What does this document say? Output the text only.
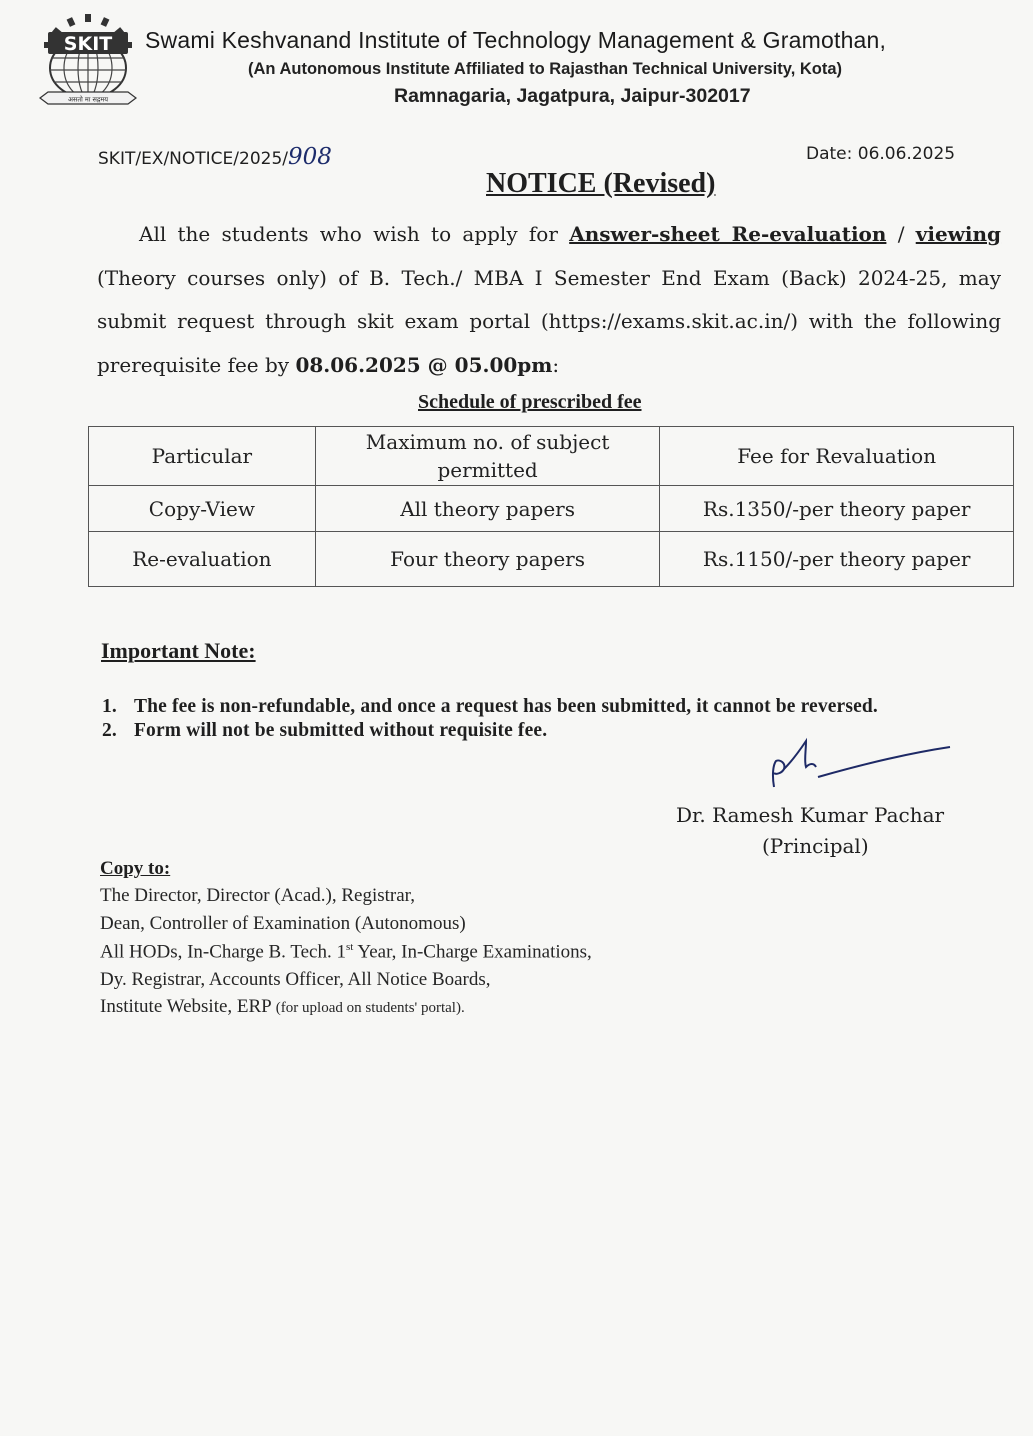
SKIT
असतो मा सद्गमय
Swami Keshvanand Institute of Technology Management & Gramothan,
(An Autonomous Institute Affiliated to Rajasthan Technical University, Kota)
Ramnagaria, Jagatpura, Jaipur-302017
SKIT/EX/NOTICE/2025/908	Date: 06.06.2025
NOTICE (Revised)
All the students who wish to apply for Answer-sheet Re-evaluation / viewing (Theory courses only) of B. Tech./ MBA I Semester End Exam (Back) 2024-25, may submit request through skit exam portal (https://exams.skit.ac.in/) with the following prerequisite fee by 08.06.2025 @ 05.00pm:
Schedule of prescribed fee
Particular	Maximum no. of subject permitted	Fee for Revaluation
Copy-View	All theory papers	Rs.1350/-per theory paper
Re-evaluation	Four theory papers	Rs.1150/-per theory paper
Important Note:
1. The fee is non-refundable, and once a request has been submitted, it cannot be reversed.
2. Form will not be submitted without requisite fee.
Dr. Ramesh Kumar Pachar
(Principal)
Copy to:
The Director, Director (Acad.), Registrar,
Dean, Controller of Examination (Autonomous)
All HODs, In-Charge B. Tech. 1st Year, In-Charge Examinations,
Dy. Registrar, Accounts Officer, All Notice Boards,
Institute Website, ERP (for upload on students' portal).
